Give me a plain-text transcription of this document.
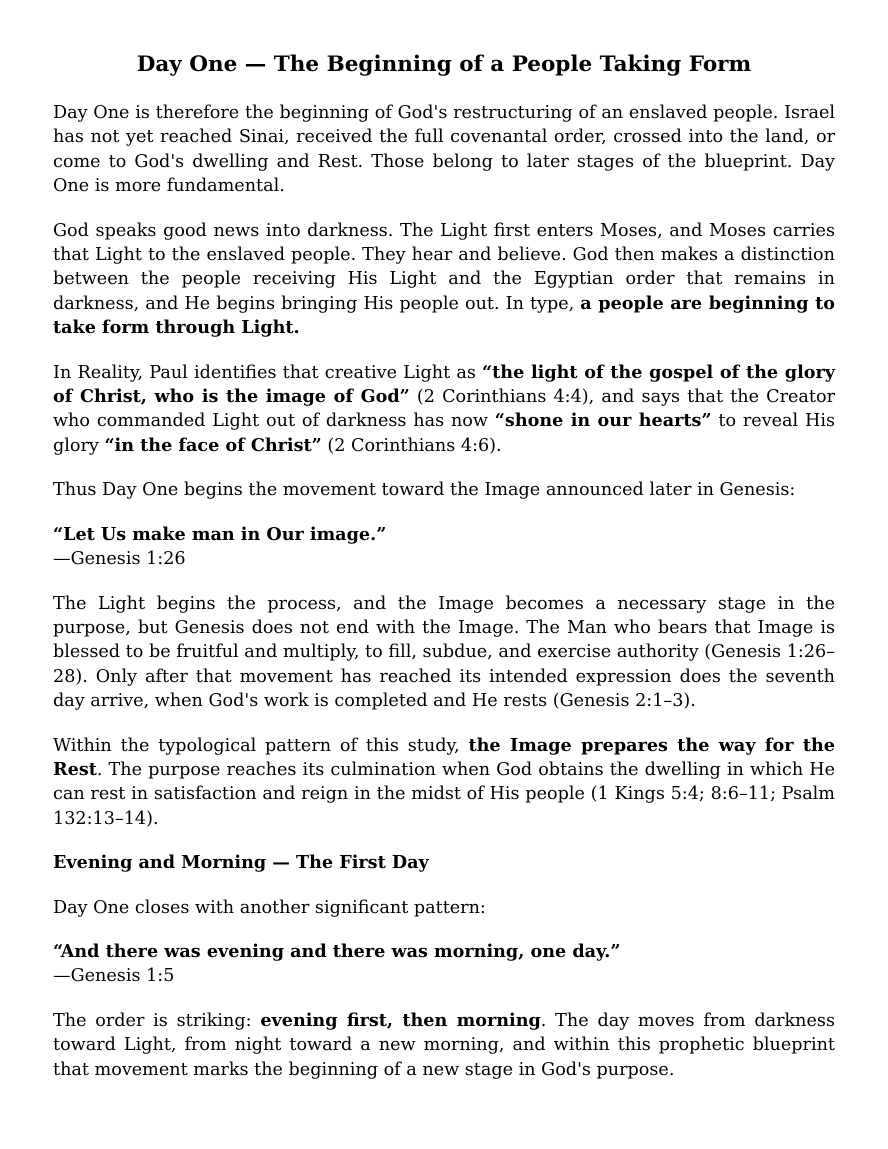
Day One — The Beginning of a People Taking Form

Day One is therefore the beginning of God's restructuring of an enslaved people. Israel has not yet reached Sinai, received the full covenantal order, crossed into the land, or come to God's dwelling and Rest. Those belong to later stages of the blueprint. Day One is more fundamental.

God speaks good news into darkness. The Light first enters Moses, and Moses carries that Light to the enslaved people. They hear and believe. God then makes a distinction between the people receiving His Light and the Egyptian order that remains in darkness, and He begins bringing His people out. In type, a people are beginning to take form through Light.

In Reality, Paul identifies that creative Light as “the light of the gospel of the glory of Christ, who is the image of God” (2 Corinthians 4:4), and says that the Creator who commanded Light out of darkness has now “shone in our hearts” to reveal His glory “in the face of Christ” (2 Corinthians 4:6).

Thus Day One begins the movement toward the Image announced later in Genesis:

“Let Us make man in Our image.”
—Genesis 1:26

The Light begins the process, and the Image becomes a necessary stage in the purpose, but Genesis does not end with the Image. The Man who bears that Image is blessed to be fruitful and multiply, to fill, subdue, and exercise authority (Genesis 1:26–28). Only after that movement has reached its intended expression does the seventh day arrive, when God's work is completed and He rests (Genesis 2:1–3).

Within the typological pattern of this study, the Image prepares the way for the Rest. The purpose reaches its culmination when God obtains the dwelling in which He can rest in satisfaction and reign in the midst of His people (1 Kings 5:4; 8:6–11; Psalm 132:13–14).

Evening and Morning — The First Day

Day One closes with another significant pattern:

“And there was evening and there was morning, one day.”
—Genesis 1:5

The order is striking: evening first, then morning. The day moves from darkness toward Light, from night toward a new morning, and within this prophetic blueprint that movement marks the beginning of a new stage in God's purpose.
